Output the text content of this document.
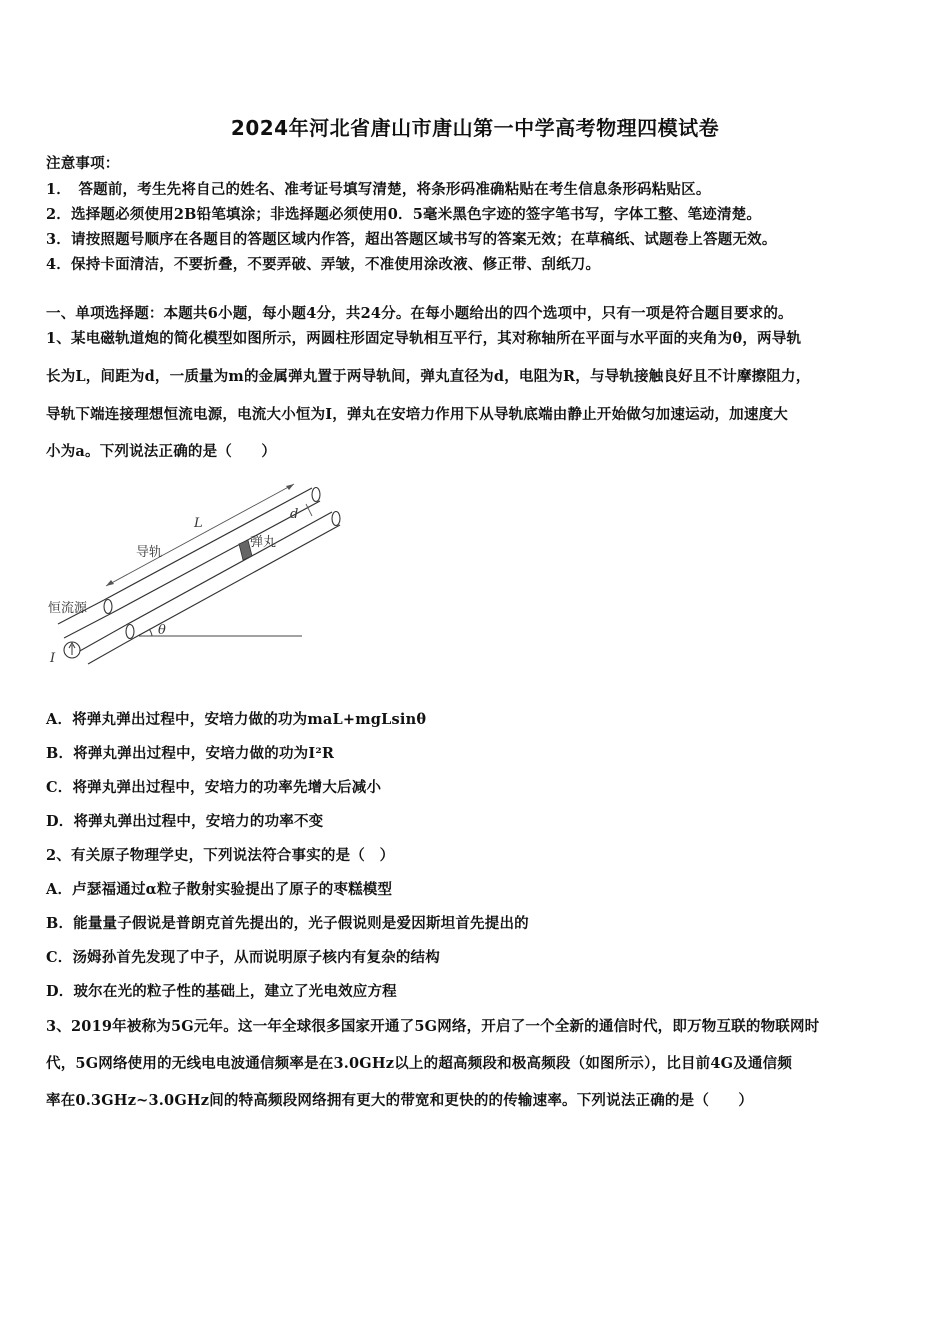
2024年河北省唐山市唐山第一中学高考物理四模试卷
注意事项：
1．　答题前，考生先将自己的姓名、准考证号填写清楚，将条形码准确粘贴在考生信息条形码粘贴区。
2．选择题必须使用2B铅笔填涂；非选择题必须使用0．5毫米黑色字迹的签字笔书写，字体工整、笔迹清楚。
3．请按照题号顺序在各题目的答题区域内作答，超出答题区域书写的答案无效；在草稿纸、试题卷上答题无效。
4．保持卡面清洁，不要折叠，不要弄破、弄皱，不准使用涂改液、修正带、刮纸刀。
一、单项选择题：本题共6小题，每小题4分，共24分。在每小题给出的四个选项中，只有一项是符合题目要求的。
1、某电磁轨道炮的简化模型如图所示，两圆柱形固定导轨相互平行，其对称轴所在平面与水平面的夹角为θ，两导轨
长为L，间距为d，一质量为m的金属弹丸置于两导轨间，弹丸直径为d，电阻为R，与导轨接触良好且不计摩擦阻力，
导轨下端连接理想恒流电源，电流大小恒为I，弹丸在安培力作用下从导轨底端由静止开始做匀加速运动，加速度大
小为a。下列说法正确的是（　　）
L
d
导轨
弹丸
恒流源
θ
I
A．将弹丸弹出过程中，安培力做的功为maL+mgLsinθ
B．将弹丸弹出过程中，安培力做的功为I²R
C．将弹丸弹出过程中，安培力的功率先增大后减小
D．将弹丸弹出过程中，安培力的功率不变
2、有关原子物理学史，下列说法符合事实的是（　）
A．卢瑟福通过α粒子散射实验提出了原子的枣糕模型
B．能量量子假说是普朗克首先提出的，光子假说则是爱因斯坦首先提出的
C．汤姆孙首先发现了中子，从而说明原子核内有复杂的结构
D．玻尔在光的粒子性的基础上，建立了光电效应方程
3、2019年被称为5G元年。这一年全球很多国家开通了5G网络，开启了一个全新的通信时代，即万物互联的物联网时
代，5G网络使用的无线电电波通信频率是在3.0GHz以上的超高频段和极高频段（如图所示），比目前4G及通信频
率在0.3GHz~3.0GHz间的特高频段网络拥有更大的带宽和更快的的传输速率。下列说法正确的是（　　）
